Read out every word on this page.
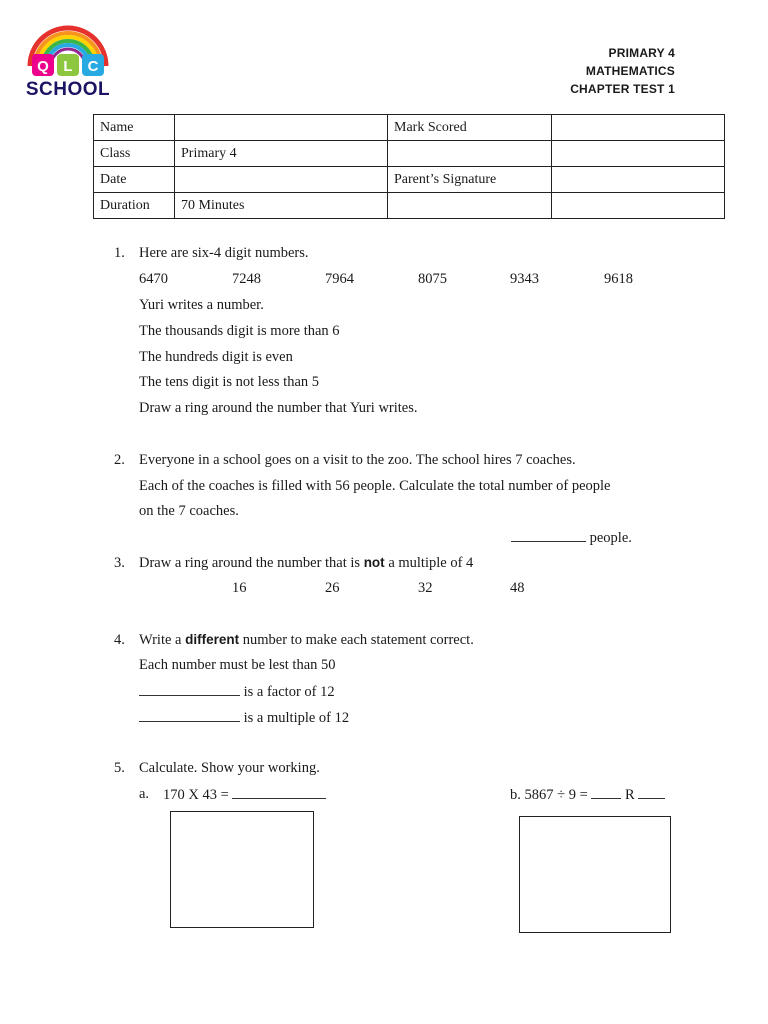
Q L C
SCHOOL
PRIMARY 4
MATHEMATICS
CHAPTER TEST 1
Name		Mark Scored	
Class	Primary 4		
Date		Parent’s Signature	
Duration	70 Minutes		
1. Here are six-4 digit numbers.
6470	7248	7964	8075	9343	9618
Yuri writes a number.
The thousands digit is more than 6
The hundreds digit is even
The tens digit is not less than 5
Draw a ring around the number that Yuri writes.
2. Everyone in a school goes on a visit to the zoo. The school hires 7 coaches.
Each of the coaches is filled with 56 people. Calculate the total number of people
on the 7 coaches.
people.
3. Draw a ring around the number that is not a multiple of 4
16	26	32	48
4. Write a different number to make each statement correct.
Each number must be lest than 50
is a factor of 12
is a multiple of 12
5. Calculate. Show your working.
a. 170 X 43 =	b. 5867 ÷ 9 =	R
